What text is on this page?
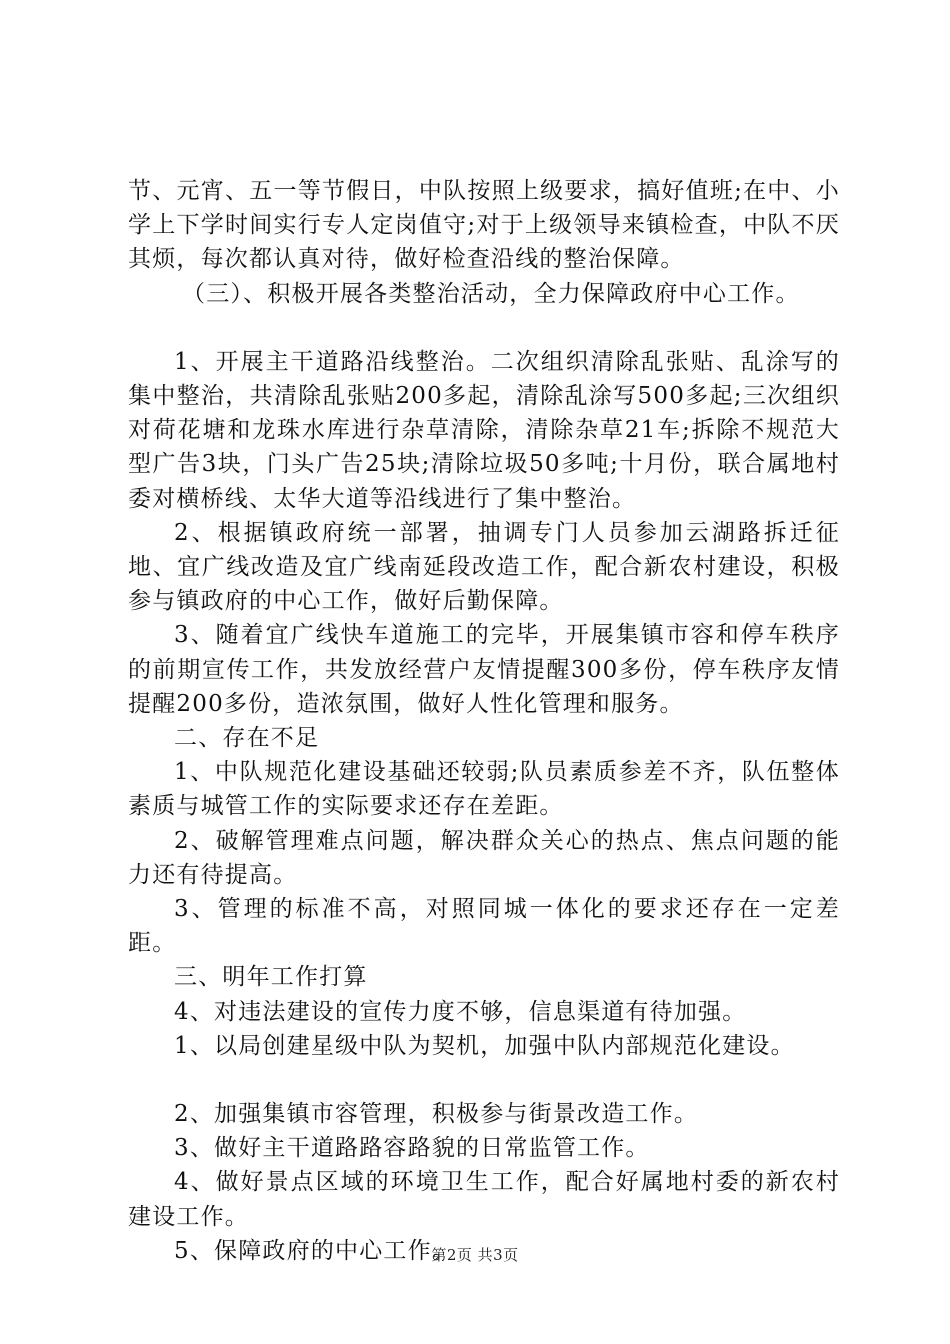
节、元宵、五一等节假日，中队按照上级要求，搞好值班;在中、小学上下学时间实行专人定岗值守;对于上级领导来镇检查，中队不厌其烦，每次都认真对待，做好检查沿线的整治保障。

（三）、积极开展各类整治活动，全力保障政府中心工作。

1、开展主干道路沿线整治。二次组织清除乱张贴、乱涂写的集中整治，共清除乱张贴200多起，清除乱涂写500多起;三次组织对荷花塘和龙珠水库进行杂草清除，清除杂草21车;拆除不规范大型广告3块，门头广告25块;清除垃圾50多吨;十月份，联合属地村委对横桥线、太华大道等沿线进行了集中整治。

2、根据镇政府统一部署，抽调专门人员参加云湖路拆迁征地、宜广线改造及宜广线南延段改造工作，配合新农村建设，积极参与镇政府的中心工作，做好后勤保障。

3、随着宜广线快车道施工的完毕，开展集镇市容和停车秩序的前期宣传工作，共发放经营户友情提醒300多份，停车秩序友情提醒200多份，造浓氛围，做好人性化管理和服务。

二、存在不足

1、中队规范化建设基础还较弱;队员素质参差不齐，队伍整体素质与城管工作的实际要求还存在差距。

2、破解管理难点问题，解决群众关心的热点、焦点问题的能力还有待提高。

3、管理的标准不高，对照同城一体化的要求还存在一定差距。

三、明年工作打算

4、对违法建设的宣传力度不够，信息渠道有待加强。

1、以局创建星级中队为契机，加强中队内部规范化建设。

2、加强集镇市容管理，积极参与街景改造工作。

3、做好主干道路路容路貌的日常监管工作。

4、做好景点区域的环境卫生工作，配合好属地村委的新农村建设工作。

5、保障政府的中心工作。

第2页 共3页
